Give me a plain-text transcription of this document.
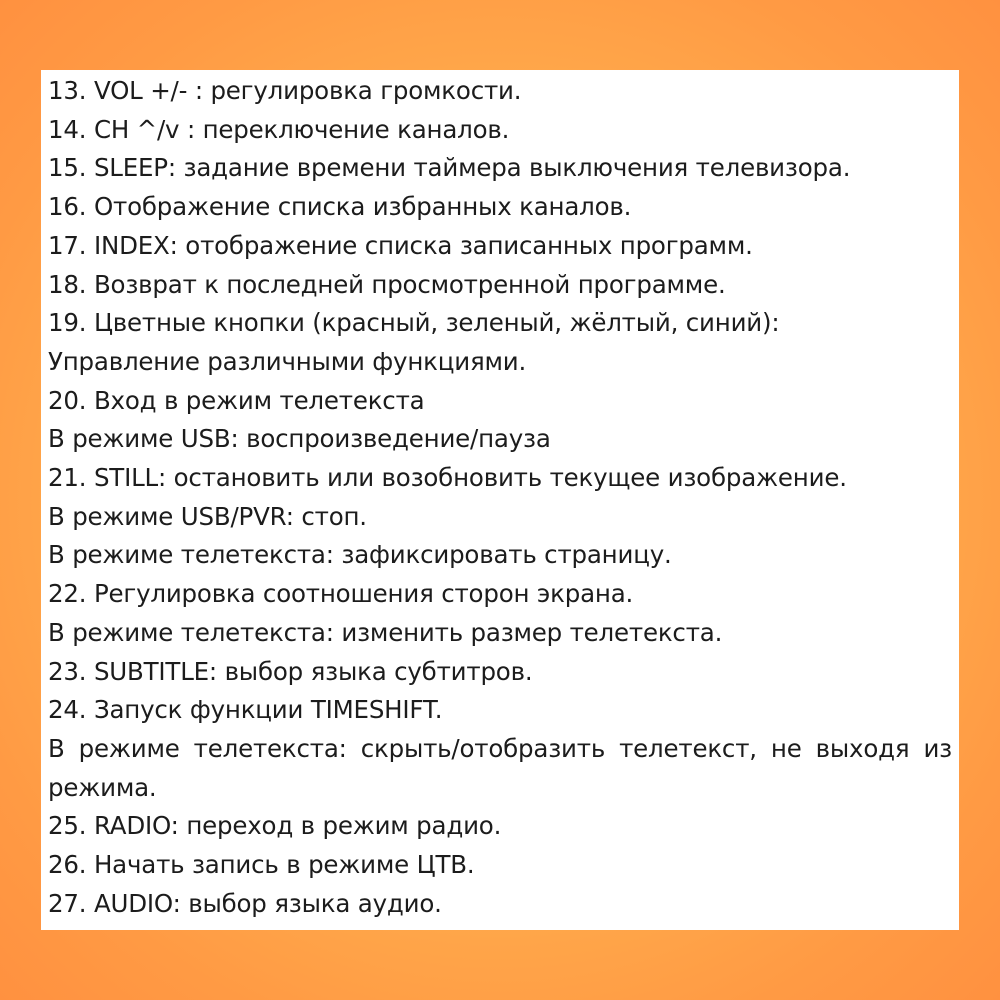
13. VOL +/- : регулировка громкости.
14. CH ^/v : переключение каналов.
15. SLEEP: задание времени таймера выключения телевизора.
16. Отображение списка избранных каналов.
17. INDEX: отображение списка записанных программ.
18. Возврат к последней просмотренной программе.
19. Цветные кнопки (красный, зеленый, жёлтый, синий):
Управление различными функциями.
20. Вход в режим телетекста
В режиме USB: воспроизведение/пауза
21. STILL: остановить или возобновить текущее изображение.
В режиме USB/PVR: стоп.
В режиме телетекста: зафиксировать страницу.
22. Регулировка соотношения сторон экрана.
В режиме телетекста: изменить размер телетекста.
23. SUBTITLE: выбор языка субтитров.
24. Запуск функции TIMESHIFT.
В режиме телетекста: скрыть/отобразить телетекст, не выходя из режима.
25. RADIO: переход в режим радио.
26. Начать запись в режиме ЦТВ.
27. AUDIO: выбор языка аудио.
